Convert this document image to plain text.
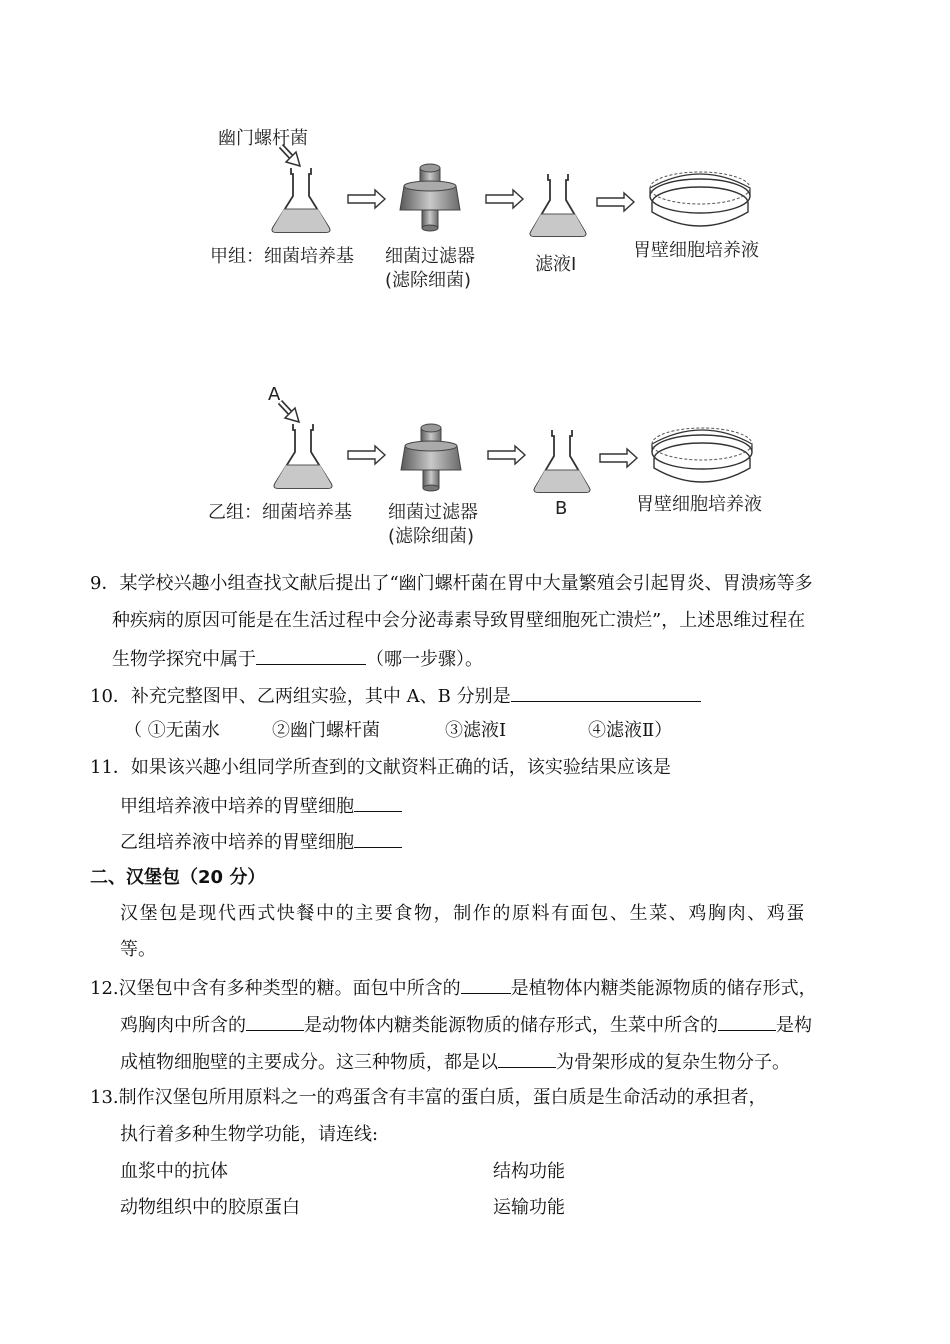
幽门螺杆菌
甲组：细菌培养基 细菌过滤器
(滤除细菌)
滤液I
胃壁细胞培养液
A
乙组：细菌培养基 细菌过滤器
(滤除细菌)
B	胃壁细胞培养液
9．某学校兴趣小组查找文献后提出了“幽门螺杆菌在胃中大量繁殖会引起胃炎、胃溃疡等多
种疾病的原因可能是在生活过程中会分泌毒素导致胃壁细胞死亡溃烂”，上述思维过程在
生物学探究中属于	（哪一步骤）。
10．补充完整图甲、乙两组实验，其中 A、B 分别是
（ ①无菌水	②幽门螺杆菌	③滤液Ⅰ	④滤液Ⅱ）
11．如果该兴趣小组同学所查到的文献资料正确的话，该实验结果应该是
甲组培养液中培养的胃壁细胞
乙组培养液中培养的胃壁细胞
二、汉堡包（20 分）
汉堡包是现代西式快餐中的主要食物，制作的原料有面包、生菜、鸡胸肉、鸡蛋
等。
12.汉堡包中含有多种类型的糖。面包中所含的	是植物体内糖类能源物质的储存形式，
鸡胸肉中所含的	是动物体内糖类能源物质的储存形式，生菜中所含的	是构
成植物细胞壁的主要成分。这三种物质，都是以	为骨架形成的复杂生物分子。
13.制作汉堡包所用原料之一的鸡蛋含有丰富的蛋白质，蛋白质是生命活动的承担者，
执行着多种生物学功能，请连线:
血浆中的抗体	结构功能
动物组织中的胶原蛋白	运输功能
